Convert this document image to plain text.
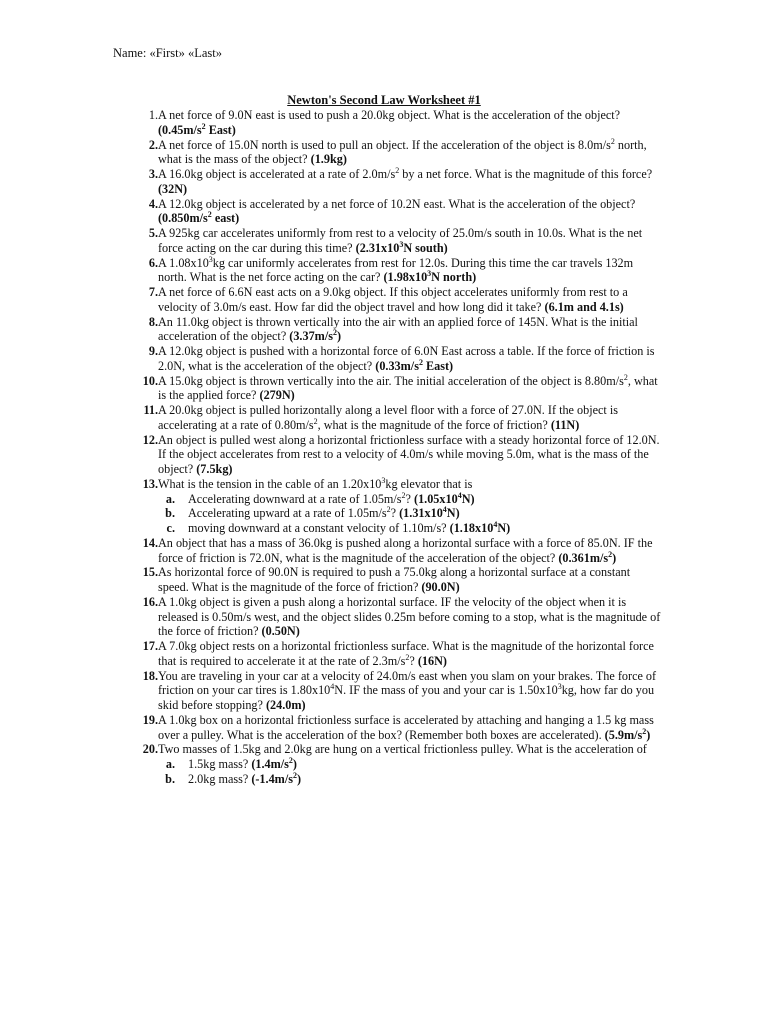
Name: «First» «Last»
Newton's Second Law Worksheet #1
1. A net force of 9.0N east is used to push a 20.0kg object. What is the acceleration of the object? ($0.45m/s^2$ East)
2. A net force of 15.0N north is used to pull an object. If the acceleration of the object is $8.0m/s^2$ north, what is the mass of the object? (1.9kg)
3. A 16.0kg object is accelerated at a rate of $2.0m/s^2$ by a net force. What is the magnitude of this force? (32N)
4. A 12.0kg object is accelerated by a net force of 10.2N east. What is the acceleration of the object? ($0.850m/s^2$ east)
5. A 925kg car accelerates uniformly from rest to a velocity of 25.0m/s south in 10.0s. What is the net force acting on the car during this time? ($2.31x10^3N$ south)
6. A $1.08x10^3kg$ car uniformly accelerates from rest for 12.0s. During this time the car travels 132m north. What is the net force acting on the car? ($1.98x10^3N$ north)
7. A net force of 6.6N east acts on a 9.0kg object. If this object accelerates uniformly from rest to a velocity of 3.0m/s east. How far did the object travel and how long did it take? (6.1m and 4.1s)
8. An 11.0kg object is thrown vertically into the air with an applied force of 145N. What is the initial acceleration of the object? $(3.37m/s^2)$
9. A 12.0kg object is pushed with a horizontal force of 6.0N East across a table. If the force of friction is 2.0N, what is the acceleration of the object? ($0.33m/s^2$ East)
10. A 15.0kg object is thrown vertically into the air. The initial acceleration of the object is $8.80m/s^2$, what is the applied force? (279N)
11. A 20.0kg object is pulled horizontally along a level floor with a force of 27.0N. If the object is accelerating at a rate of $0.80m/s^2$, what is the magnitude of the force of friction? (11N)
12. An object is pulled west along a horizontal frictionless surface with a steady horizontal force of 12.0N. If the object accelerates from rest to a velocity of 4.0m/s while moving 5.0m, what is the mass of the object? (7.5kg)
13. What is the tension in the cable of an $1.20x10^3kg$ elevator that is
a.	Accelerating downward at a rate of $1.05m/s^2$? $(1.05x10^4N)$
b.	Accelerating upward at a rate of $1.05m/s^2$? $(1.31x10^4N)$
c.	moving downward at a constant velocity of 1.10m/s? $(1.18x10^4N)$
14. An object that has a mass of 36.0kg is pushed along a horizontal surface with a force of 85.0N. IF the force of friction is 72.0N, what is the magnitude of the acceleration of the object? $(0.361m/s^2)$
15. As horizontal force of 90.0N is required to push a 75.0kg along a horizontal surface at a constant speed. What is the magnitude of the force of friction? (90.0N)
16. A 1.0kg object is given a push along a horizontal surface. IF the velocity of the object when it is released is 0.50m/s west, and the object slides 0.25m before coming to a stop, what is the magnitude of the force of friction? (0.50N)
17. A 7.0kg object rests on a horizontal frictionless surface. What is the magnitude of the horizontal force that is required to accelerate it at the rate of $2.3m/s^2$? (16N)
18. You are traveling in your car at a velocity of 24.0m/s east when you slam on your brakes. The force of friction on your car tires is $1.80x10^4N$. IF the mass of you and your car is $1.50x10^3kg$, how far do you skid before stopping? (24.0m)
19. A 1.0kg box on a horizontal frictionless surface is accelerated by attaching and hanging a 1.5 kg mass over a pulley. What is the acceleration of the box? (Remember both boxes are accelerated). $(5.9m/s^2)$
20. Two masses of 1.5kg and 2.0kg are hung on a vertical frictionless pulley. What is the acceleration of
a.	1.5kg mass? $(1.4m/s^2)$
b.	2.0kg mass? $(-1.4m/s^2)$
